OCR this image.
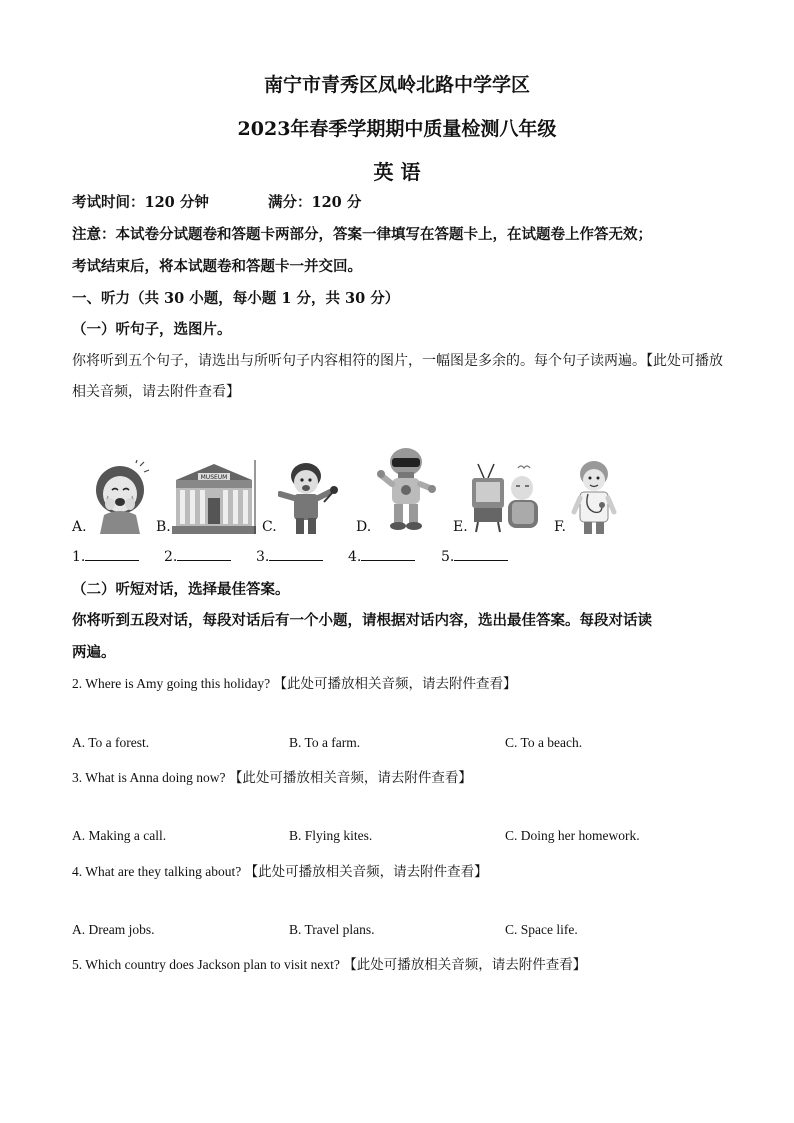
南宁市青秀区凤岭北路中学学区
2023年春季学期期中质量检测八年级
英 语
考试时间：120 分钟	满分：120 分
注意：本试卷分试题卷和答题卡两部分，答案一律填写在答题卡上，在试题卷上作答无效；
考试结束后，将本试题卷和答题卡一并交回。
一、听力（共 30 小题，每小题 1 分，共 30 分）
（一）听句子，选图片。
你将听到五个句子，请选出与所听句子内容相符的图片，一幅图是多余的。每个句子读两遍。【此处可播放
相关音频，请去附件查看】
A.
MUSEUM
B.	C.	D.	E.	F.
1.	2.	3.	4.	5.
（二）听短对话，选择最佳答案。
你将听到五段对话，每段对话后有一个小题，请根据对话内容，选出最佳答案。每段对话读
两遍。
2. Where is Amy going this holiday? 【此处可播放相关音频，请去附件查看】
A. To a forest.	B. To a farm.	C. To a beach.
3. What is Anna doing now? 【此处可播放相关音频，请去附件查看】
A. Making a call.	B. Flying kites.	C. Doing her homework.
4. What are they talking about? 【此处可播放相关音频，请去附件查看】
A. Dream jobs.	B. Travel plans.	C. Space life.
5. Which country does Jackson plan to visit next? 【此处可播放相关音频，请去附件查看】
